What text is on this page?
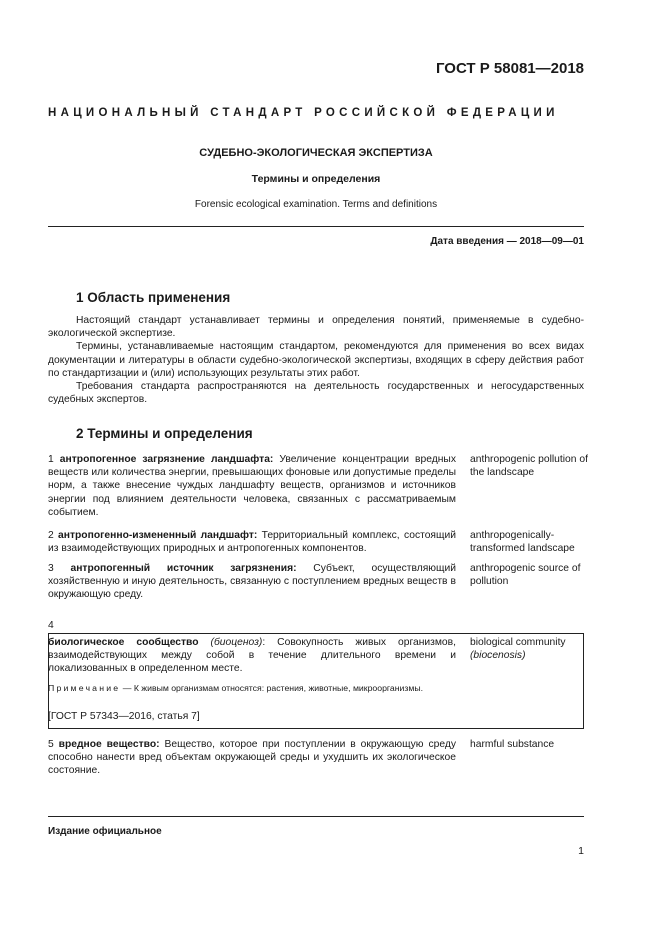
ГОСТ Р 58081—2018
НАЦИОНАЛЬНЫЙ СТАНДАРТ РОССИЙСКОЙ ФЕДЕРАЦИИ
СУДЕБНО-ЭКОЛОГИЧЕСКАЯ ЭКСПЕРТИЗА
Термины и определения
Forensic ecological examination. Terms and definitions
Дата введения — 2018—09—01
1 Область применения

Настоящий стандарт устанавливает термины и определения понятий, применяемые в судебно-экологической экспертизе.

Термины, устанавливаемые настоящим стандартом, рекомендуются для применения во всех видах документации и литературы в области судебно-экологической экспертизы, входящих в сферу действия работ по стандартизации и (или) использующих результаты этих работ.

Требования стандарта распространяются на деятельность государственных и негосударственных судебных экспертов.

2 Термины и определения
1 антропогенное загрязнение ландшафта: Увеличение концентрации вредных веществ или количества энергии, превышающих фоновые или допустимые пределы норм, а также внесение чуждых ландшафту веществ, организмов и источников энергии под влиянием деятельности человека, связанных с рассматриваемым событием.
anthropogenic pollution of the landscape
2 антропогенно-измененный ландшафт: Территориальный комплекс, состоящий из взаимодействующих природных и антропогенных компонентов.
anthropogenically-transformed landscape
3 антропогенный источник загрязнения: Субъект, осуществляющий хозяйственную и иную деятельность, связанную с поступлением вредных веществ в окружающую среду.
anthropogenic source of pollution
4
биологическое сообщество (биоценоз): Совокупность живых организмов, взаимодействующих между собой в течение длительного времени и локализованных в определенном месте.
biological community
(biocenosis)
Примечание — К живым организмам относятся: растения, животные, микроорганизмы.
[ГОСТ Р 57343—2016, статья 7]
5 вредное вещество: Вещество, которое при поступлении в окружающую среду способно нанести вред объектам окружающей среды и ухудшить их экологическое состояние.
harmful substance
Издание официальное
1
